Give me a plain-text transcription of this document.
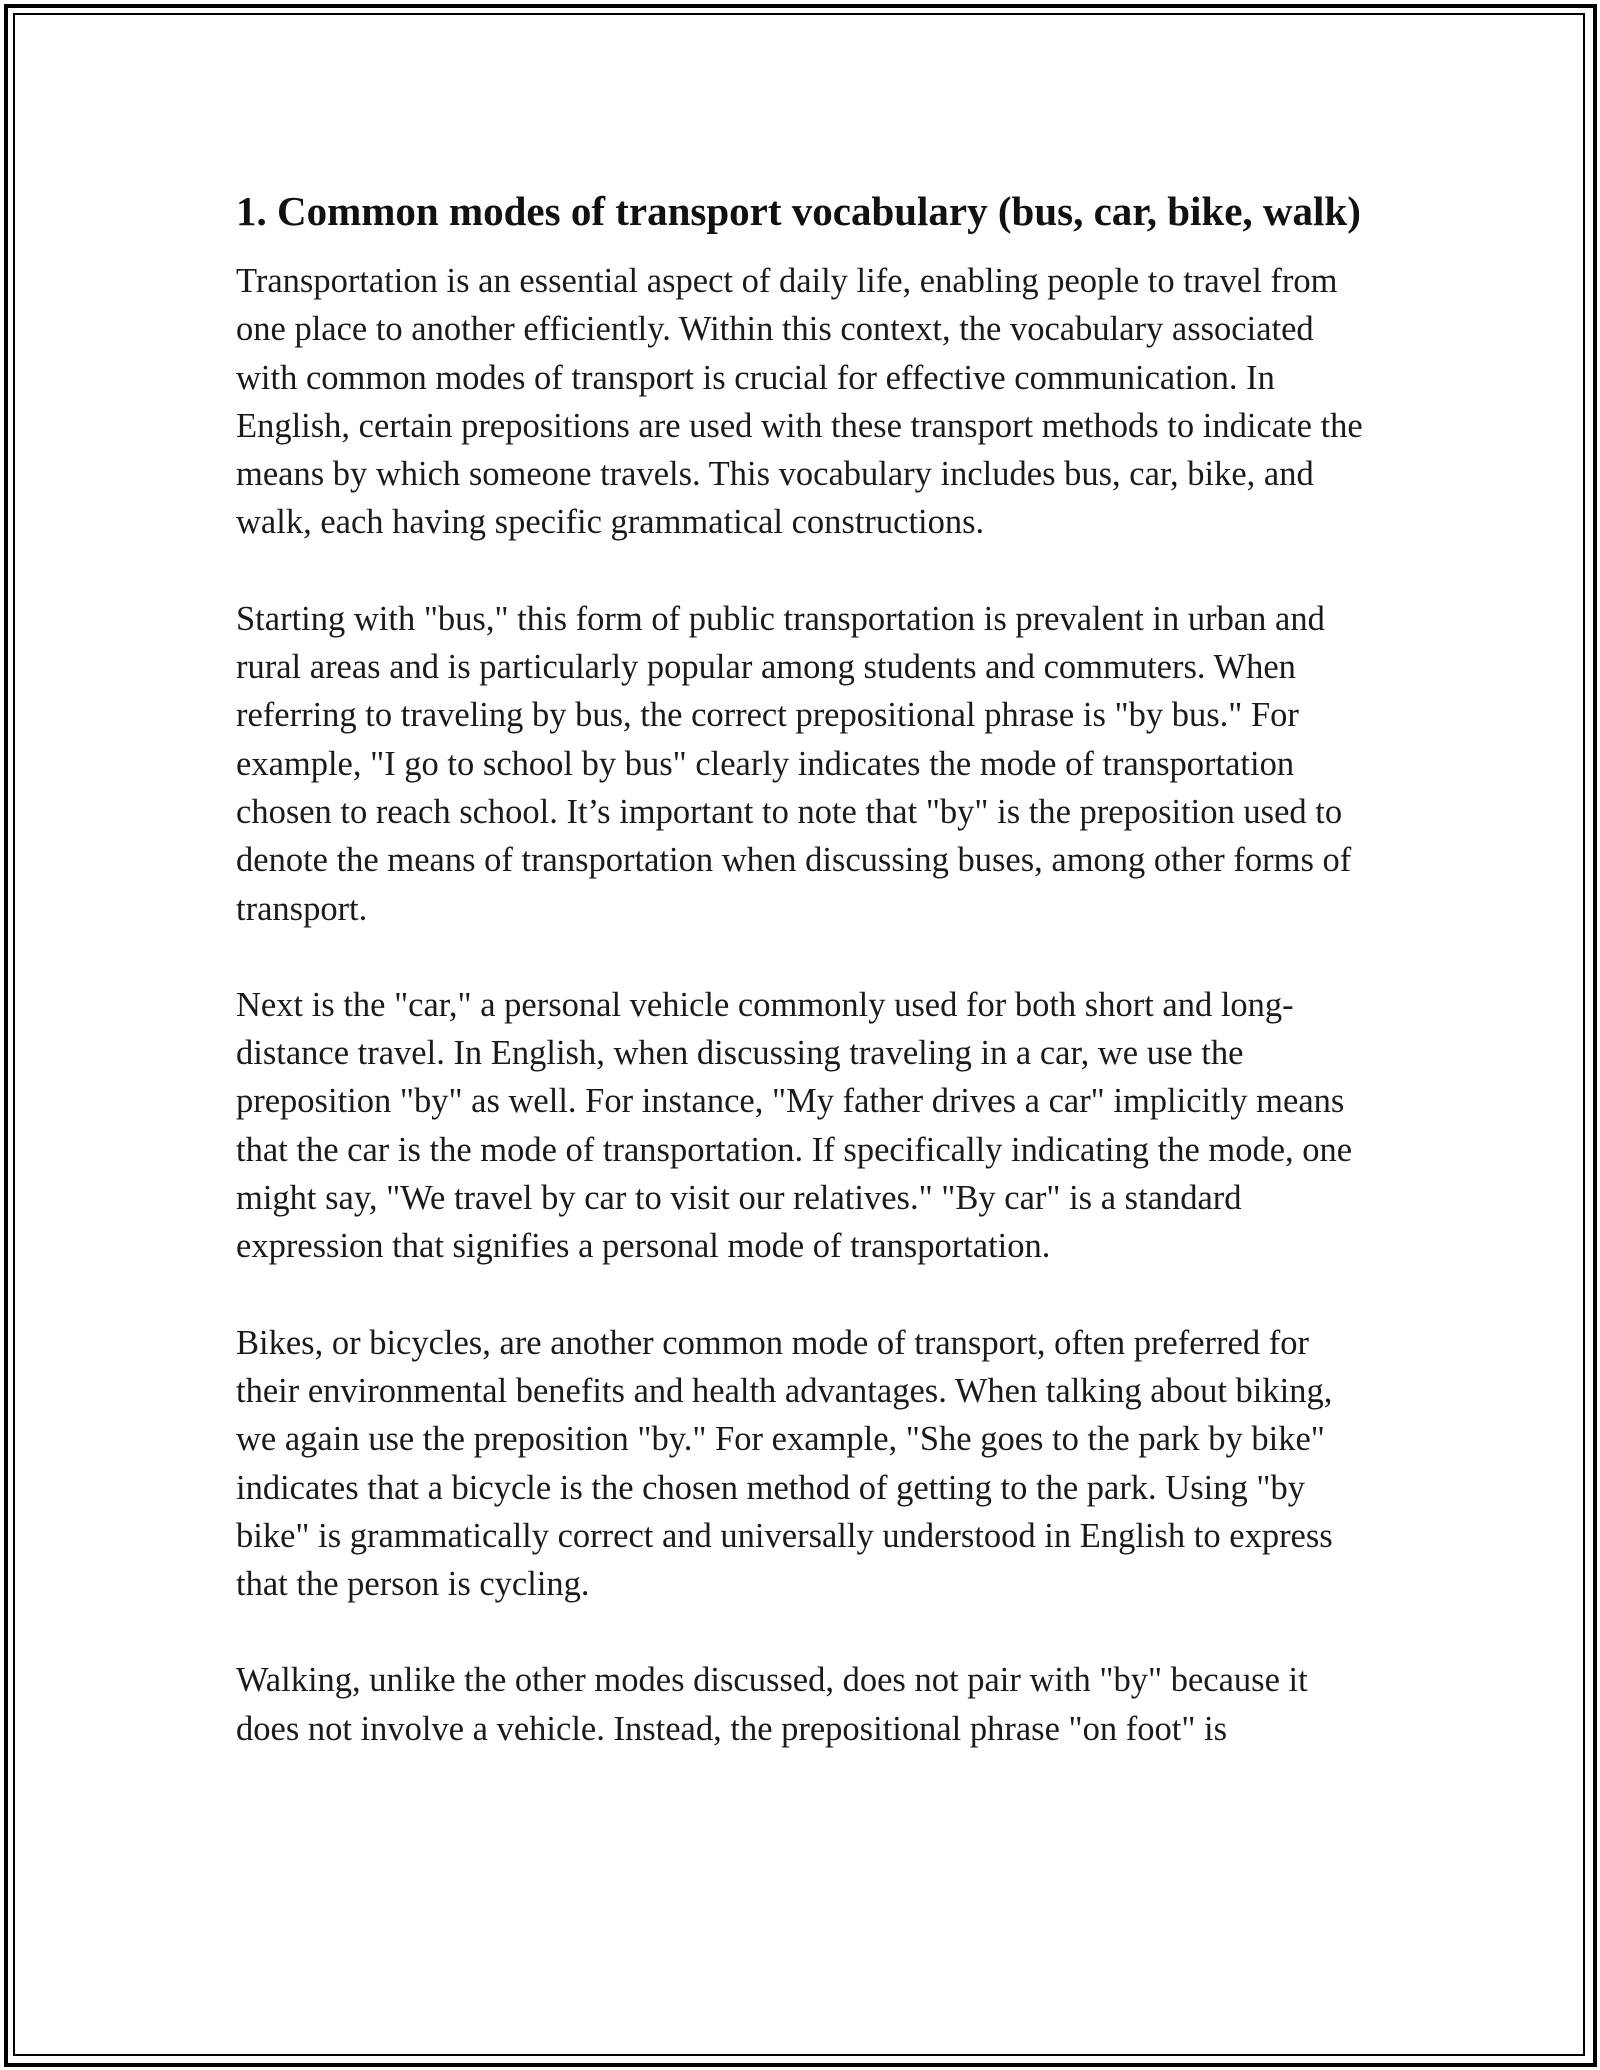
1. Common modes of transport vocabulary (bus, car, bike, walk)

Transportation is an essential aspect of daily life, enabling people to travel from one place to another efficiently. Within this context, the vocabulary associated with common modes of transport is crucial for effective communication. In English, certain prepositions are used with these transport methods to indicate the means by which someone travels. This vocabulary includes bus, car, bike, and walk, each having specific grammatical constructions.

Starting with "bus," this form of public transportation is prevalent in urban and rural areas and is particularly popular among students and commuters. When referring to traveling by bus, the correct prepositional phrase is "by bus." For example, "I go to school by bus" clearly indicates the mode of transportation chosen to reach school. It’s important to note that "by" is the preposition used to denote the means of transportation when discussing buses, among other forms of transport.

Next is the "car," a personal vehicle commonly used for both short and long-distance travel. In English, when discussing traveling in a car, we use the preposition "by" as well. For instance, "My father drives a car" implicitly means that the car is the mode of transportation. If specifically indicating the mode, one might say, "We travel by car to visit our relatives." "By car" is a standard expression that signifies a personal mode of transportation.

Bikes, or bicycles, are another common mode of transport, often preferred for their environmental benefits and health advantages. When talking about biking, we again use the preposition "by." For example, "She goes to the park by bike" indicates that a bicycle is the chosen method of getting to the park. Using "by bike" is grammatically correct and universally understood in English to express that the person is cycling.

Walking, unlike the other modes discussed, does not pair with "by" because it does not involve a vehicle. Instead, the prepositional phrase "on foot" is
